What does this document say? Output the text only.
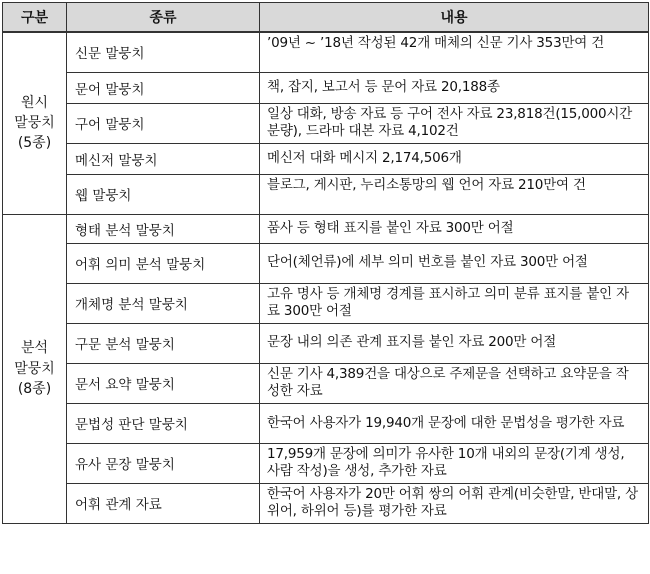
구분	종류	내용

원시
말뭉치
(5종)	신문 말뭉치	’09년 ~ ’18년 작성된 42개 매체의 신문 기사 353만여 건
	문어 말뭉치	책, 잡지, 보고서 등 문어 자료 20,188종
	구어 말뭉치	일상 대화, 방송 자료 등 구어 전사 자료 23,818건(15,000시간 분량), 드라마 대본 자료 4,102건
	메신저 말뭉치	메신저 대화 메시지 2,174,506개
	웹 말뭉치	블로그, 게시판, 누리소통망의 웹 언어 자료 210만여 건

분석
말뭉치
(8종)	형태 분석 말뭉치	품사 등 형태 표지를 붙인 자료 300만 어절
	어휘 의미 분석 말뭉치	단어(체언류)에 세부 의미 번호를 붙인 자료 300만 어절
	개체명 분석 말뭉치	고유 명사 등 개체명 경계를 표시하고 의미 분류 표지를 붙인 자료 300만 어절
	구문 분석 말뭉치	문장 내의 의존 관계 표지를 붙인 자료 200만 어절
	문서 요약 말뭉치	신문 기사 4,389건을 대상으로 주제문을 선택하고 요약문을 작성한 자료
	문법성 판단 말뭉치	한국어 사용자가 19,940개 문장에 대한 문법성을 평가한 자료
	유사 문장 말뭉치	17,959개 문장에 의미가 유사한 10개 내외의 문장(기계 생성, 사람 작성)을 생성, 추가한 자료
	어휘 관계 자료	한국어 사용자가 20만 어휘 쌍의 어휘 관계(비슷한말, 반대말, 상위어, 하위어 등)를 평가한 자료
